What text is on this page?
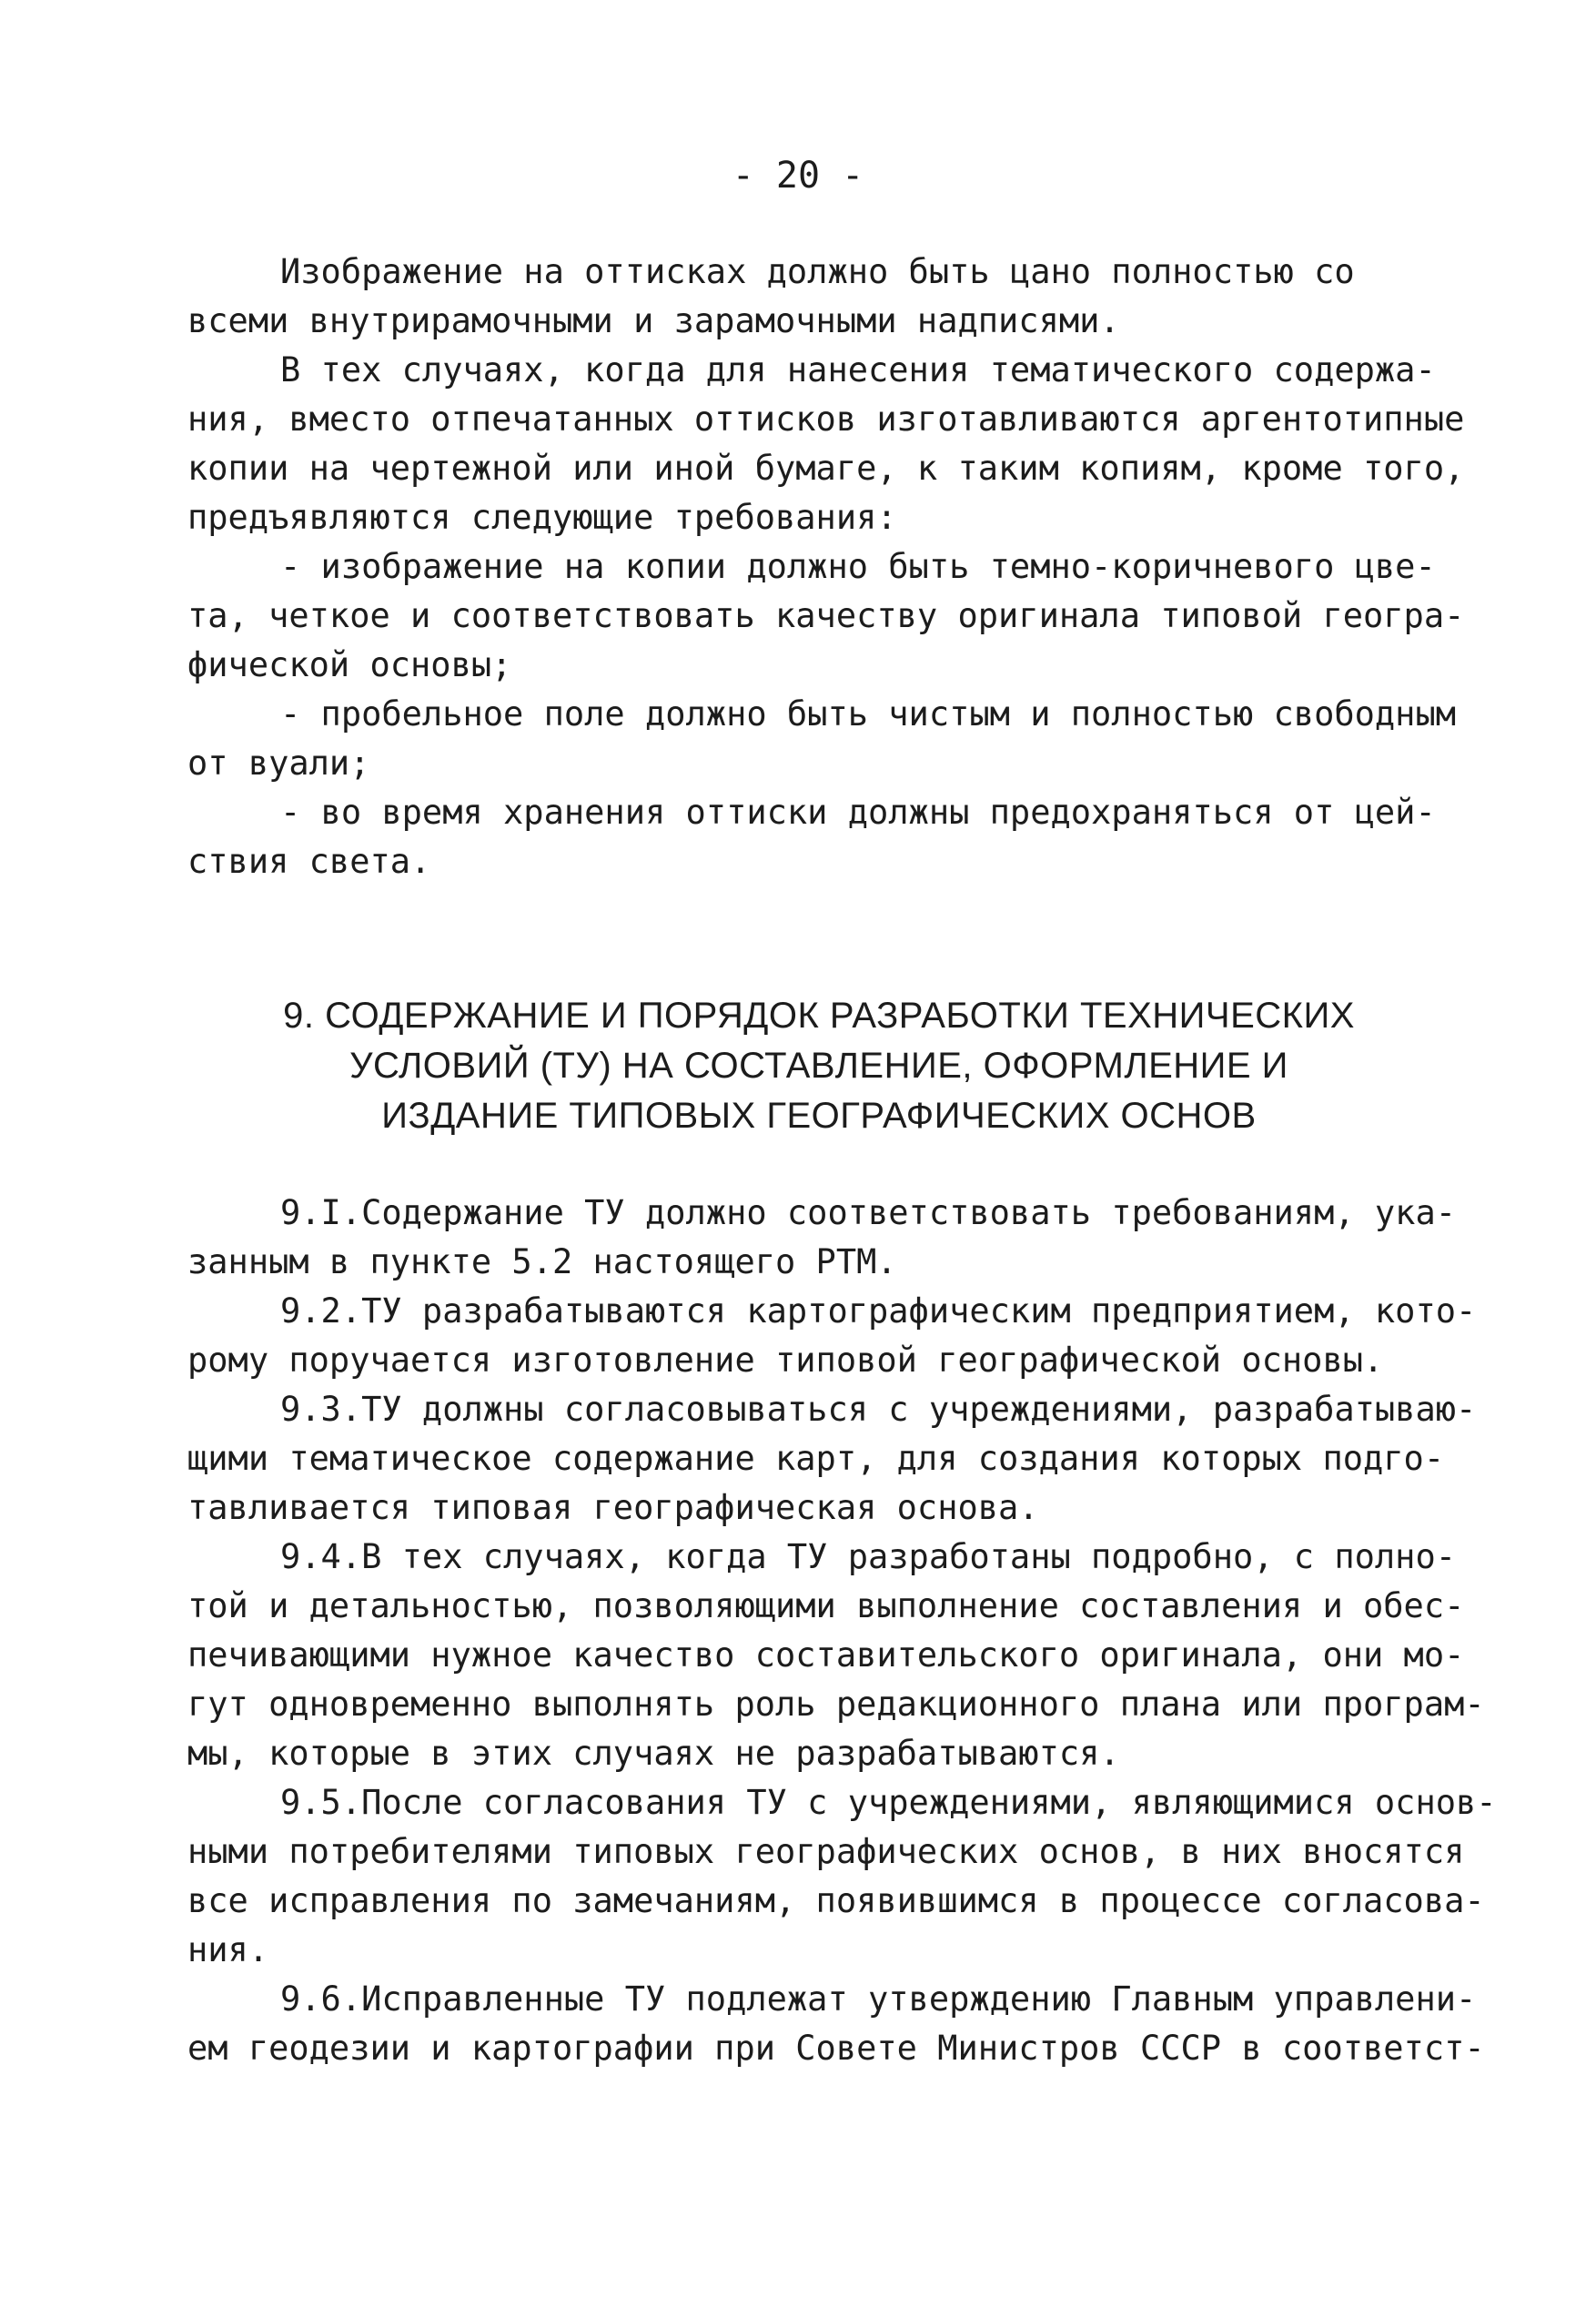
- 20 -
Изображение на оттисках должно быть цано полностью со
всеми внутрирамочными и зарамочными надписями.
В тех случаях, когда для нанесения тематического содержа-
ния, вместо отпечатанных оттисков изготавливаются аргентотипные
копии на чертежной или иной бумаге, к таким копиям, кроме того,
предъявляются следующие требования:
- изображение на копии должно быть темно-коричневого цве-
та, четкое и соответствовать качеству оригинала типовой геогра-
фической основы;
- пробельное поле должно быть чистым и полностью свободным
от вуали;
- во время хранения оттиски должны предохраняться от цей-
ствия света.
9. СОДЕРЖАНИЕ И ПОРЯДОК РАЗРАБОТКИ ТЕХНИЧЕСКИХ
УСЛОВИЙ (ТУ) НА СОСТАВЛЕНИЕ, ОФОРМЛЕНИЕ И
ИЗДАНИЕ ТИПОВЫХ ГЕОГРАФИЧЕСКИХ ОСНОВ
9.I.Содержание ТУ должно соответствовать требованиям, ука-
занным в пункте 5.2 настоящего РТМ.
9.2.ТУ разрабатываются картографическим предприятием, кото-
рому поручается изготовление типовой географической основы.
9.3.ТУ должны согласовываться с учреждениями, разрабатываю-
щими тематическое содержание карт, для создания которых подго-
тавливается типовая географическая основа.
9.4.В тех случаях, когда ТУ разработаны подробно, с полно-
той и детальностью, позволяющими выполнение составления и обес-
печивающими нужное качество составительского оригинала, они мо-
гут одновременно выполнять роль редакционного плана или програм-
мы, которые в этих случаях не разрабатываются.
9.5.После согласования ТУ с учреждениями, являющимися основ-
ными потребителями типовых географических основ, в них вносятся
все исправления по замечаниям, появившимся в процессе согласова-
ния.
9.6.Исправленные ТУ подлежат утверждению Главным управлени-
ем геодезии и картографии при Совете Министров СССР в соответст-
